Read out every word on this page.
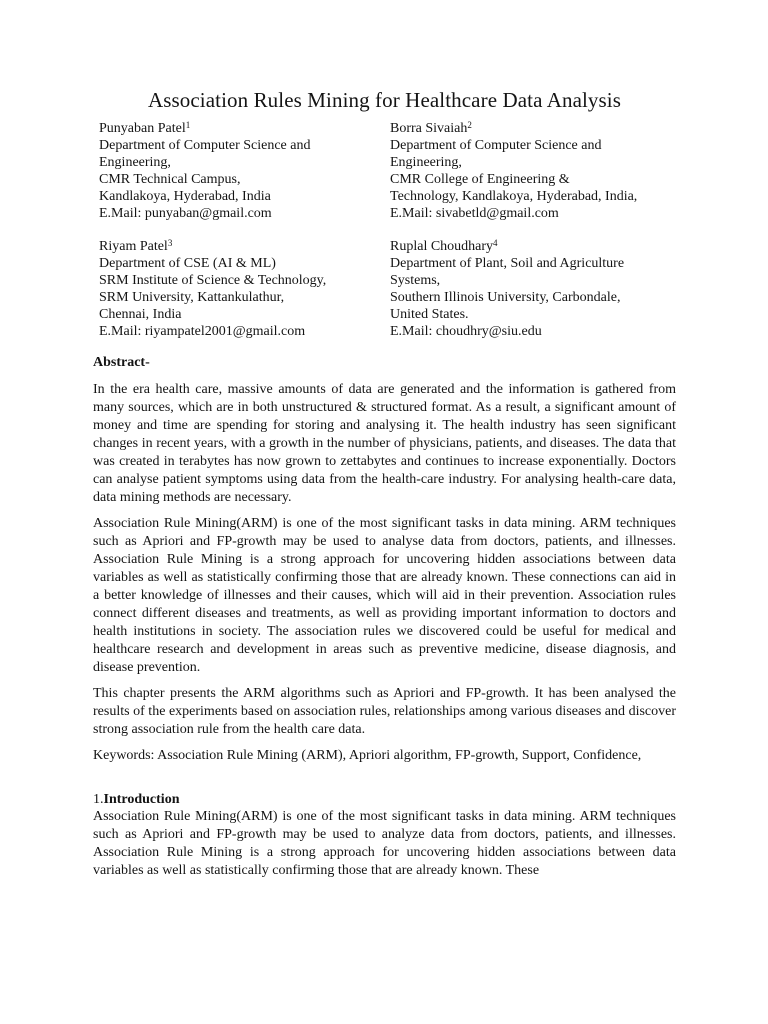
Association Rules Mining for Healthcare Data Analysis
Punyaban Patel$^1$
Department of Computer Science and
Engineering,
CMR Technical Campus,
Kandlakoya, Hyderabad, India
E.Mail: punyaban@gmail.com
Borra Sivaiah$^2$
Department of Computer Science and
Engineering,
CMR College of Engineering &
Technology, Kandlakoya, Hyderabad, India,
E.Mail: sivabetld@gmail.com
Riyam Patel$^3$
Department of CSE (AI & ML)
SRM Institute of Science & Technology,
SRM University, Kattankulathur,
Chennai, India
E.Mail: riyampatel2001@gmail.com
Ruplal Choudhary$^4$
Department of Plant, Soil and Agriculture
Systems,
Southern Illinois University, Carbondale,
United States.
E.Mail: choudhry@siu.edu
Abstract-

In the era health care, massive amounts of data are generated and the information is gathered from many sources, which are in both unstructured & structured format. As a result, a significant amount of money and time are spending for storing and analysing it. The health industry has seen significant changes in recent years, with a growth in the number of physicians, patients, and diseases. The data that was created in terabytes has now grown to zettabytes and continues to increase exponentially. Doctors can analyse patient symptoms using data from the health-care industry. For analysing health-care data, data mining methods are necessary.

Association Rule Mining(ARM) is one of the most significant tasks in data mining. ARM techniques such as Apriori and FP-growth may be used to analyse data from doctors, patients, and illnesses. Association Rule Mining is a strong approach for uncovering hidden associations between data variables as well as statistically confirming those that are already known. These connections can aid in a better knowledge of illnesses and their causes, which will aid in their prevention. Association rules connect different diseases and treatments, as well as providing important information to doctors and health institutions in society. The association rules we discovered could be useful for medical and healthcare research and development in areas such as preventive medicine, disease diagnosis, and disease prevention.

This chapter presents the ARM algorithms such as Apriori and FP-growth. It has been analysed the results of the experiments based on association rules, relationships among various diseases and discover strong association rule from the health care data.

Keywords: Association Rule Mining (ARM), Apriori algorithm, FP-growth, Support, Confidence,

1.Introduction

Association Rule Mining(ARM) is one of the most significant tasks in data mining. ARM techniques such as Apriori and FP-growth may be used to analyze data from doctors, patients, and illnesses. Association Rule Mining is a strong approach for uncovering hidden associations between data variables as well as statistically confirming those that are already known. These
